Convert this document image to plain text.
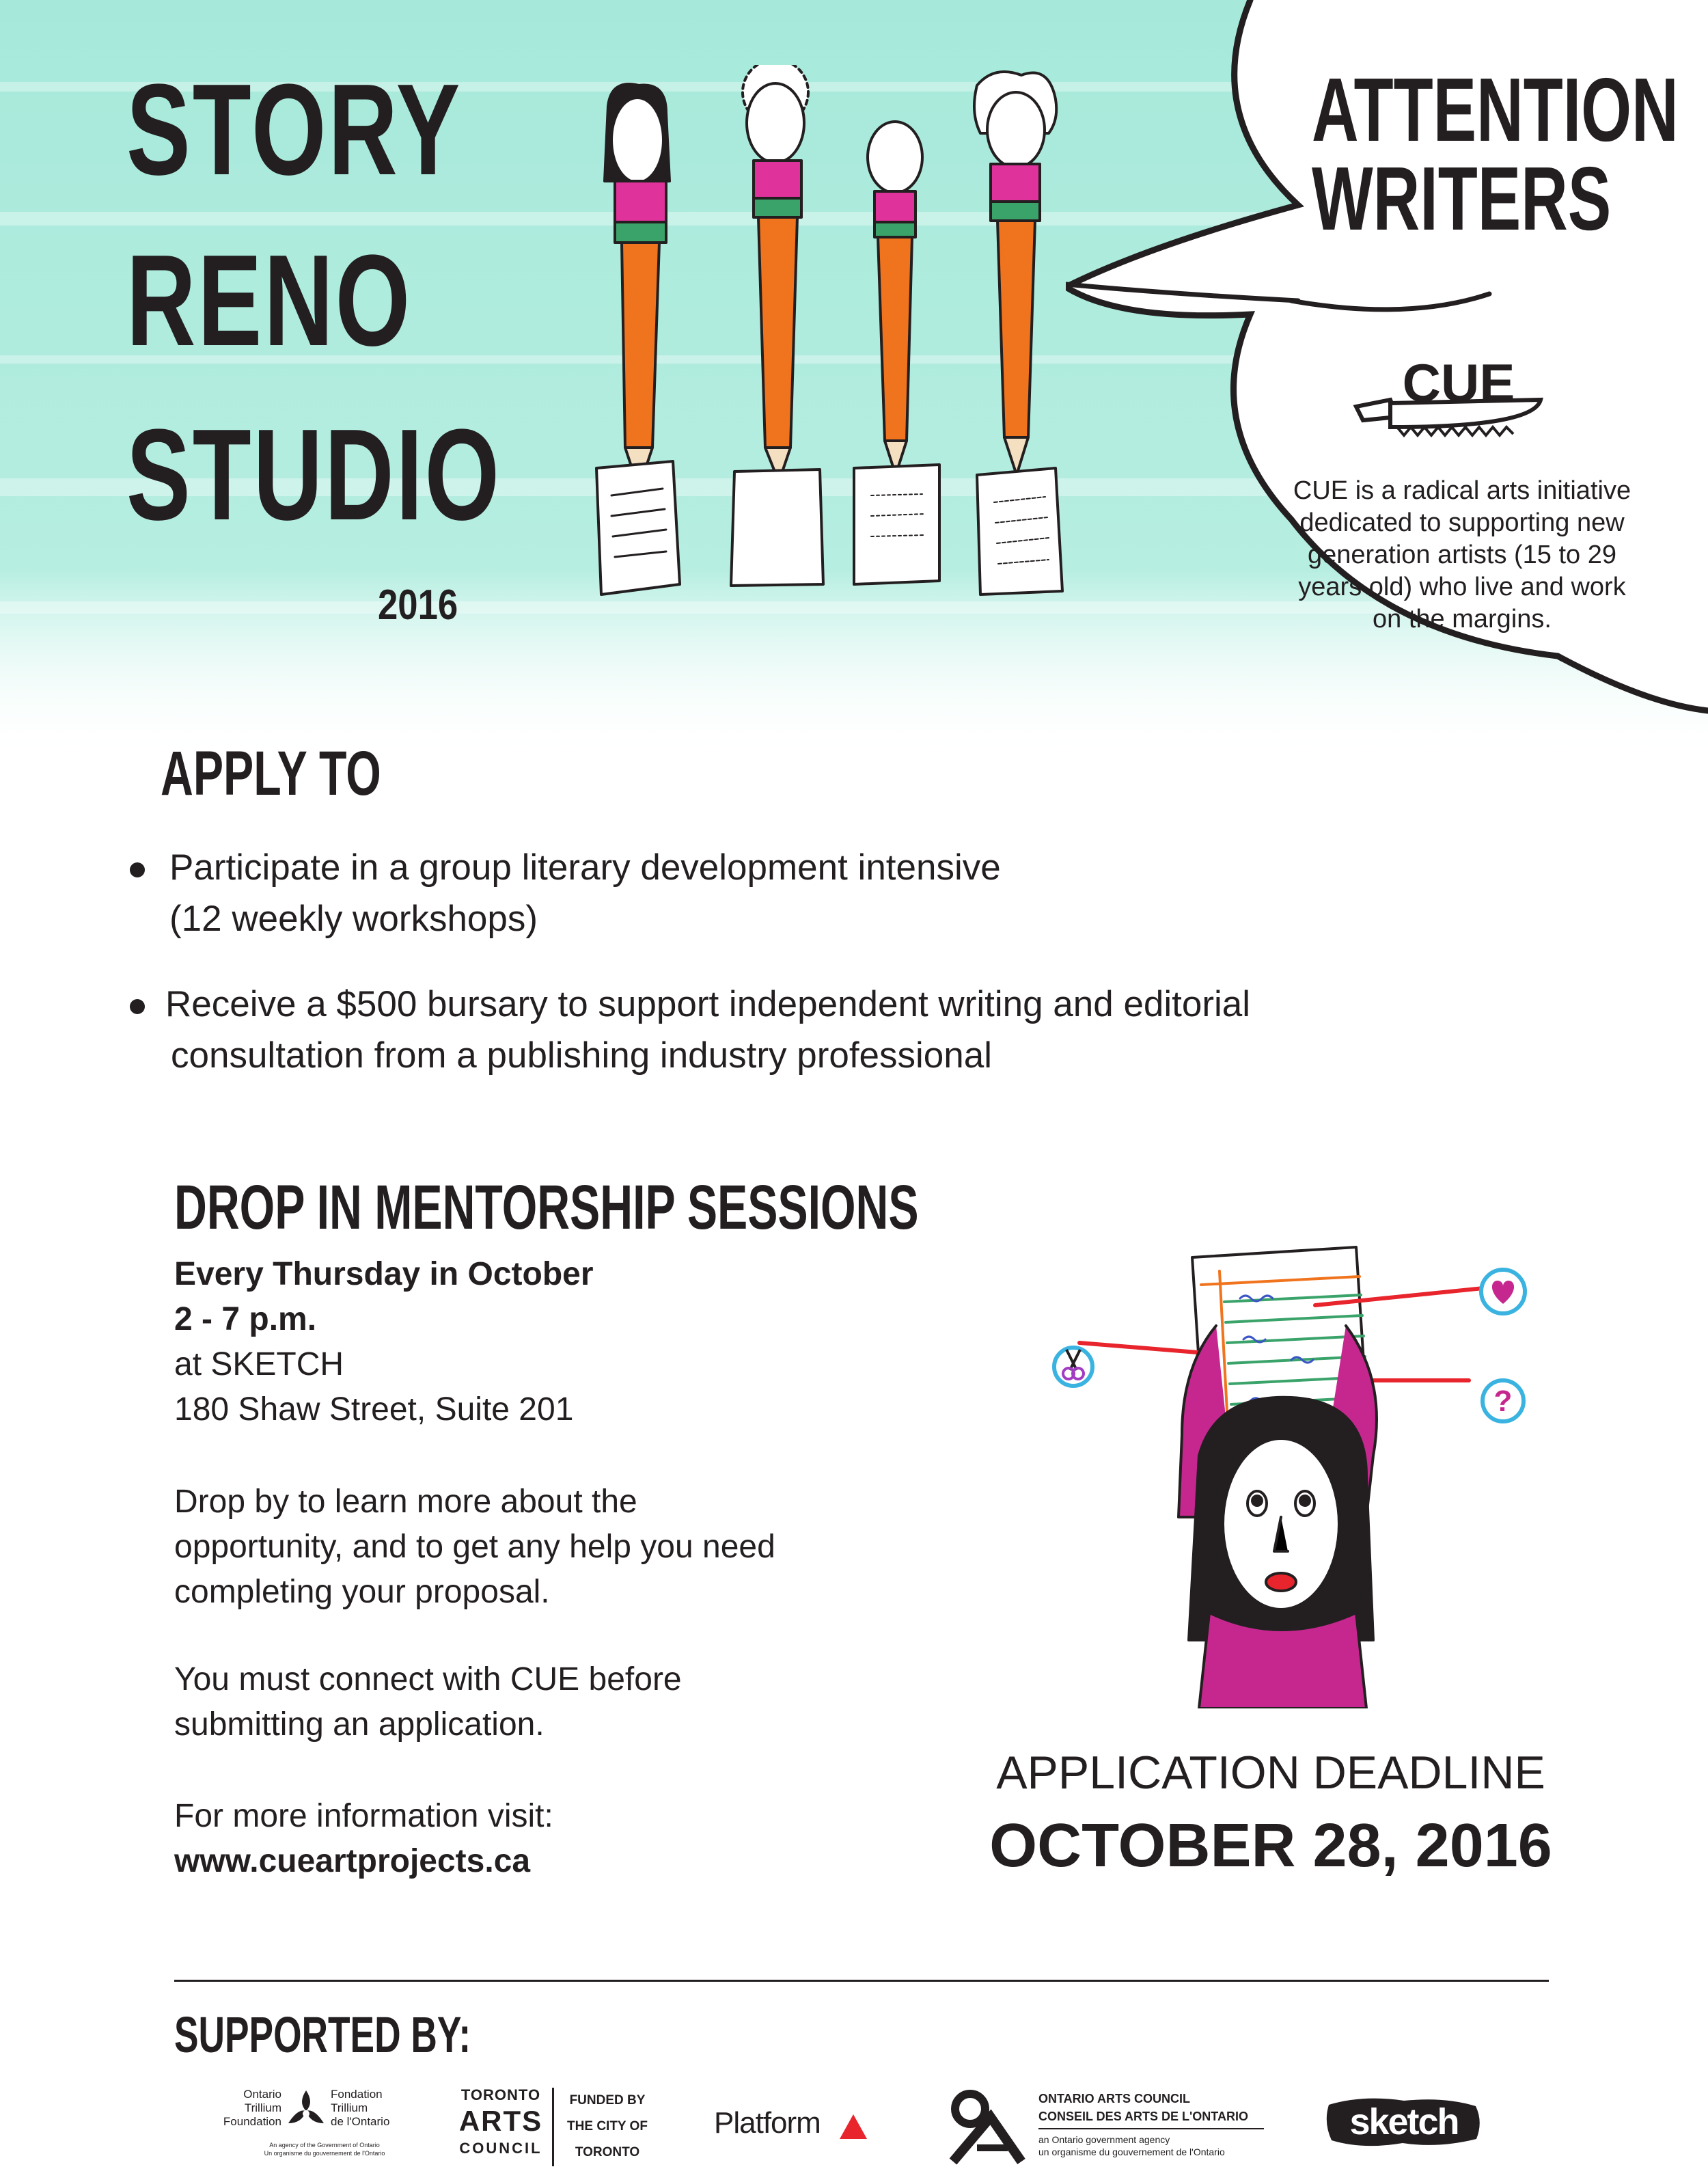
STORY
RENO
STUDIO
2016
ATTENTION
WRITERS
CUE
CUE is a radical arts initiative
dedicated to supporting new
generation artists (15 to 29
years old) who live and work
on the margins.
APPLY TO
Participate in a group literary development intensive
(12 weekly workshops)
Receive a $500 bursary to support independent writing and editorial
consultation from a publishing industry professional
DROP IN MENTORSHIP SESSIONS
Every Thursday in October
2 - 7 p.m.
at SKETCH
180 Shaw Street, Suite 201
Drop by to learn more about the
opportunity, and to get any help you need
completing your proposal.
You must connect with CUE before
submitting an application.
For more information visit:
www.cueartprojects.ca
?
APPLICATION DEADLINE
OCTOBER 28, 2016
SUPPORTED BY:
Ontario
Trillium
Foundation
Fondation
Trillium
de l'Ontario
An agency of the Government of Ontario
Un organisme du gouvernement de l'Ontario
TORONTO
ARTS
COUNCIL
FUNDED BY
THE CITY OF
TORONTO
Platform
ONTARIO ARTS COUNCIL
CONSEIL DES ARTS DE L'ONTARIO
an Ontario government agency
un organisme du gouvernement de l'Ontario
sketch
